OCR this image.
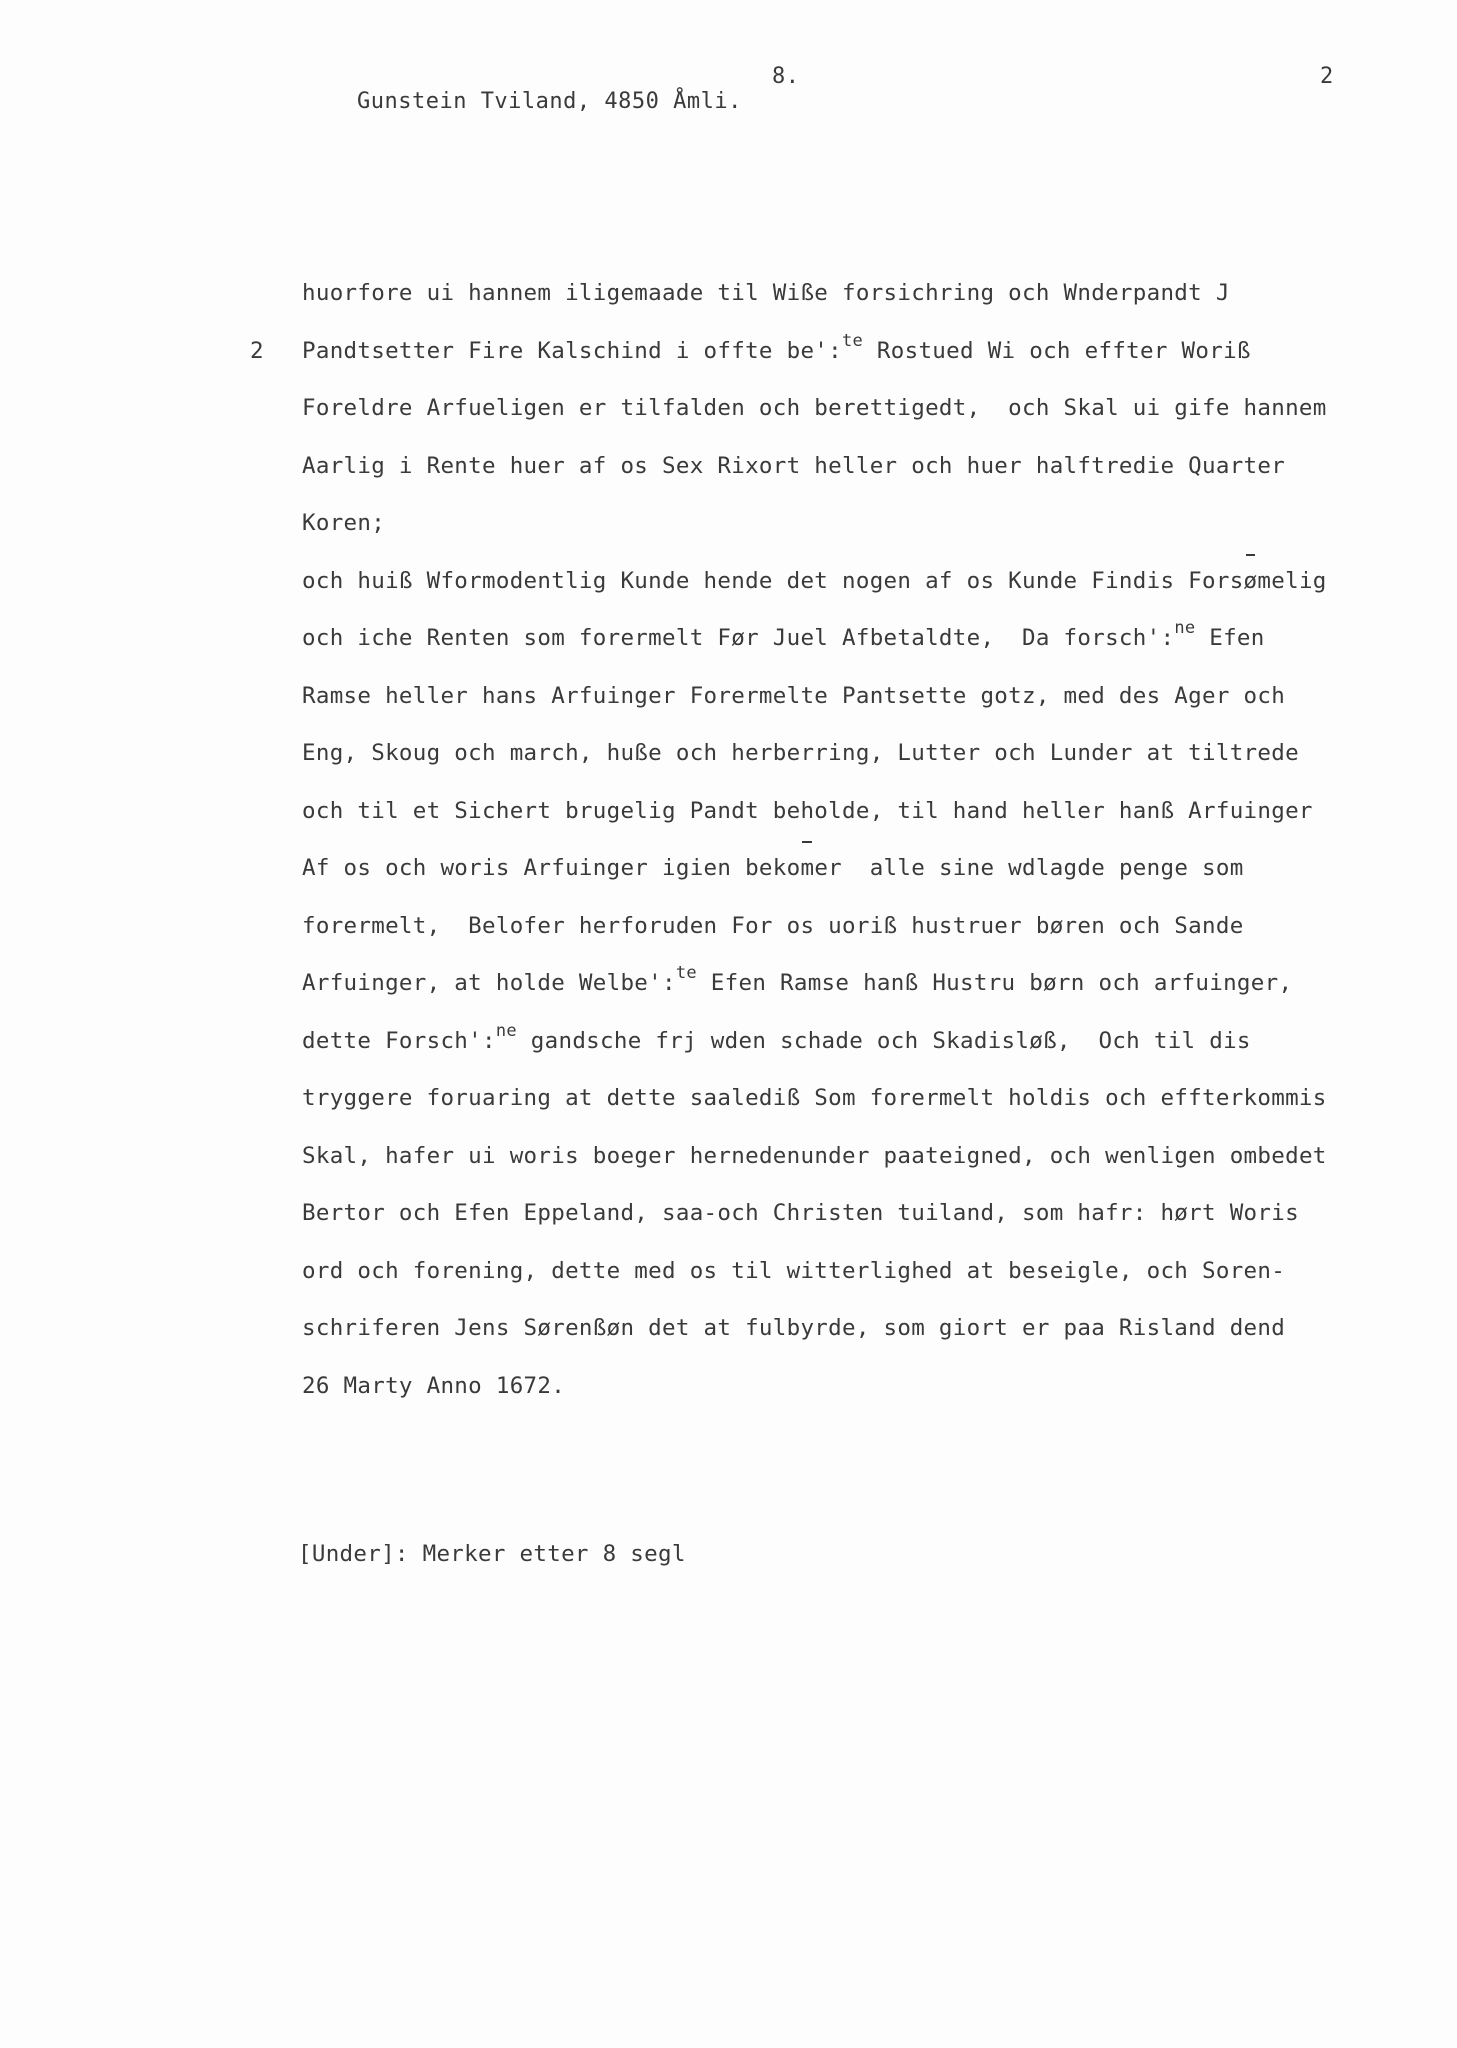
Gunstein Tviland, 4850 Åmli.

8.

	2
huorfore ui hannem iligemaade til Wiße forsichring och Wnderpandt J
2 Pandtsetter Fire Kalschind i offte be':$^{te}$ Rostued Wi och effter Woriß
Foreldre Arfueligen er tilfalden och berettigedt,  och Skal ui gife hannem
Aarlig i Rente huer af os Sex Rixort heller och huer halftredie Quarter
Koren;
och huiß Wformodentlig Kunde hende det nogen af os Kunde Findis Forsømelig
och iche Renten som forermelt Før Juel Afbetaldte,  Da forsch':$^{ne}$ Efen
Ramse heller hans Arfuinger Forermelte Pantsette gotz, med des Ager och
Eng, Skoug och march, hußе och herberring, Lutter och Lunder at tiltrede
och til et Sichert brugelig Pandt beholde, til hand heller hanß Arfuinger
Af os och woris Arfuinger igien bekomer  alle sine wdlagde penge som
forermelt,  Belofer herforuden For os uoriß hustruer børen och Sande
Arfuinger, at holde Welbe':$^{te}$ Efen Ramse hanß Hustru børn och arfuinger,
dette Forsch':$^{ne}$ gandsche frj wden schade och Skadisløß,  Och til dis
tryggere foruaring at dette saalediß Som forermelt holdis och effterkommis
Skal, hafer ui woris boeger hernedenunder paateigned, och wenligen ombedet
Bertor och Efen Eppeland, saa-och Christen tuiland, som hafr: hørt Woris
ord och forening, dette med os til witterlighed at beseigle, och Soren-
schriferen Jens Sørenßøn det at fulbyrde, som giort er paa Risland dend
26 Marty Anno 1672.
[Under]: Merker etter 8 segl
